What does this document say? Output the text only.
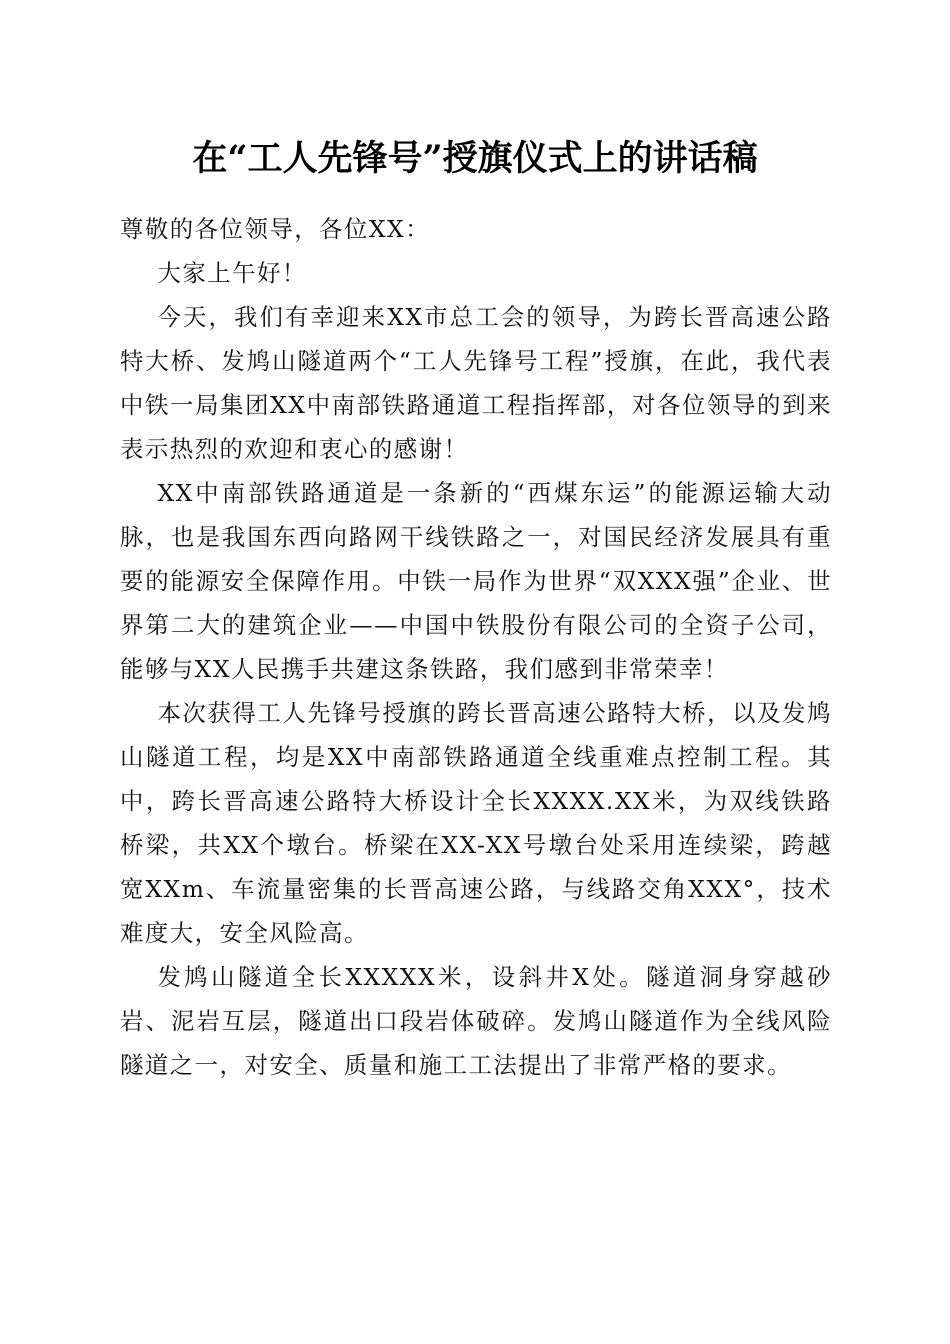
在“工人先锋号”授旗仪式上的讲话稿

尊敬的各位领导，各位XX：

大家上午好！

今天，我们有幸迎来XX市总工会的领导，为跨长晋高速公路特大桥、发鸠山隧道两个“工人先锋号工程”授旗，在此，我代表中铁一局集团XX中南部铁路通道工程指挥部，对各位领导的到来表示热烈的欢迎和衷心的感谢！

XX中南部铁路通道是一条新的“西煤东运”的能源运输大动脉，也是我国东西向路网干线铁路之一，对国民经济发展具有重要的能源安全保障作用。中铁一局作为世界“双XXX强”企业、世界第二大的建筑企业——中国中铁股份有限公司的全资子公司，能够与XX人民携手共建这条铁路，我们感到非常荣幸！

本次获得工人先锋号授旗的跨长晋高速公路特大桥，以及发鸠山隧道工程，均是XX中南部铁路通道全线重难点控制工程。其中，跨长晋高速公路特大桥设计全长XXXX.XX米，为双线铁路桥梁，共XX个墩台。桥梁在XX-XX号墩台处采用连续梁，跨越宽XXm、车流量密集的长晋高速公路，与线路交角XXX°，技术难度大，安全风险高。

发鸠山隧道全长XXXXX米，设斜井X处。隧道洞身穿越砂岩、泥岩互层，隧道出口段岩体破碎。发鸠山隧道作为全线风险隧道之一，对安全、质量和施工工法提出了非常严格的要求。
